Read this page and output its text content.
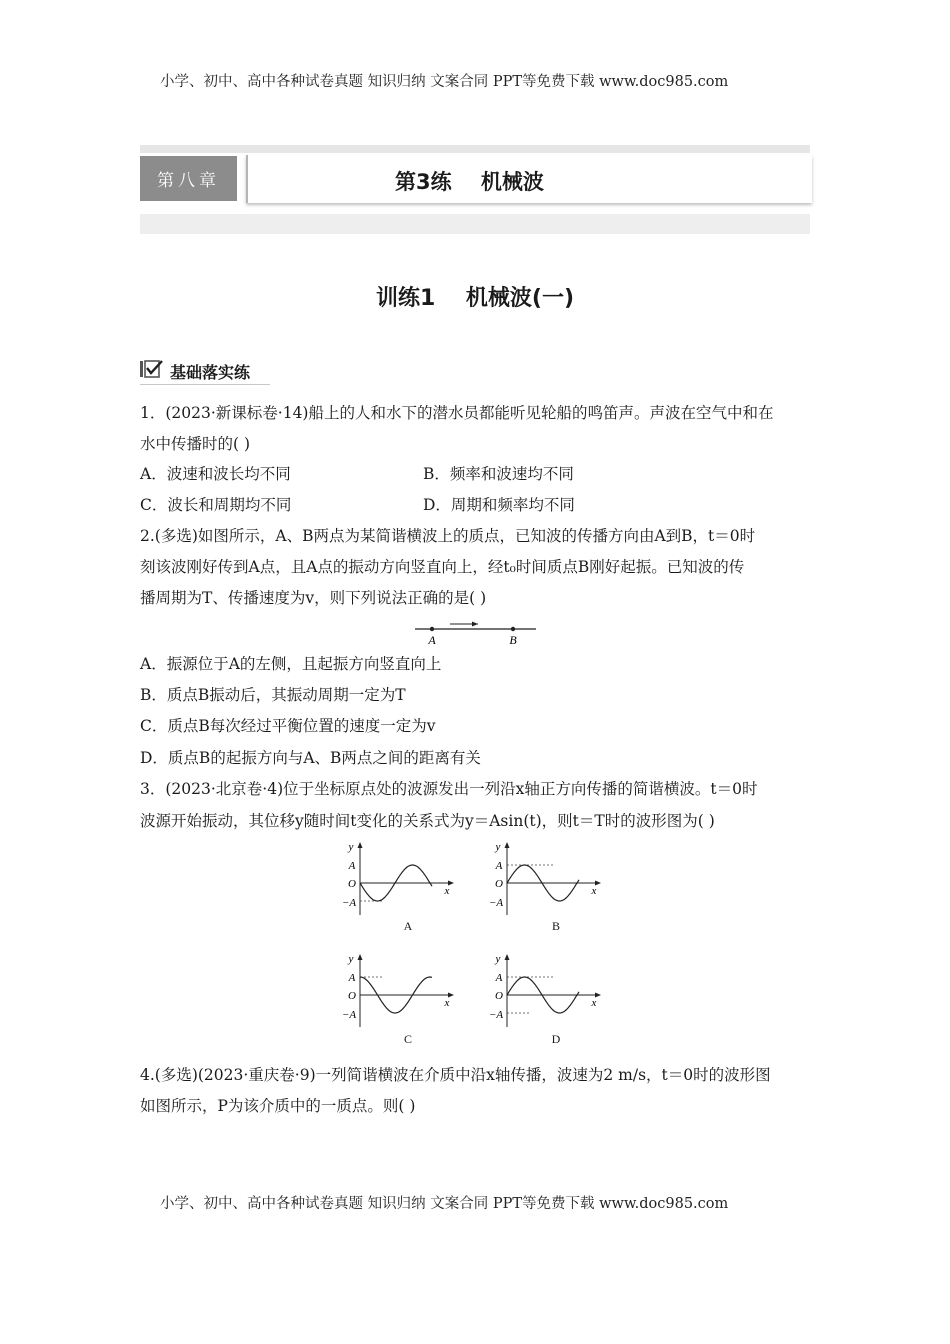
小学、初中、高中各种试卷真题 知识归纳 文案合同 PPT等免费下载 www.doc985.com
第八章	第3练    机械波
训练1    机械波(一)
基础落实练
1．(2023·新课标卷·14)船上的人和水下的潜水员都能听见轮船的鸣笛声。声波在空气中和在
水中传播时的( )
A．波速和波长均不同	B．频率和波速均不同
C．波长和周期均不同	D．周期和频率均不同
2.(多选)如图所示，A、B两点为某简谐横波上的质点，已知波的传播方向由A到B，t＝0时
刻该波刚好传到A点，且A点的振动方向竖直向上，经t₀时间质点B刚好起振。已知波的传
播周期为T、传播速度为v，则下列说法正确的是( )
A	B
A．振源位于A的左侧，且起振方向竖直向上
B．质点B振动后，其振动周期一定为T
C．质点B每次经过平衡位置的速度一定为v
D．质点B的起振方向与A、B两点之间的距离有关
3．(2023·北京卷·4)位于坐标原点处的波源发出一列沿x轴正方向传播的简谐横波。t＝0时
波源开始振动，其位移y随时间t变化的关系式为y＝Asin(t)，则t＝T时的波形图为( )
y
A
O
−A
x
A
y
A
O
−A
x
B
y
A
O
−A
x
C
y
A
O
−A
x
D
4.(多选)(2023·重庆卷·9)一列简谐横波在介质中沿x轴传播，波速为2 m/s，t＝0时的波形图
如图所示，P为该介质中的一质点。则( )
小学、初中、高中各种试卷真题 知识归纳 文案合同 PPT等免费下载 www.doc985.com
